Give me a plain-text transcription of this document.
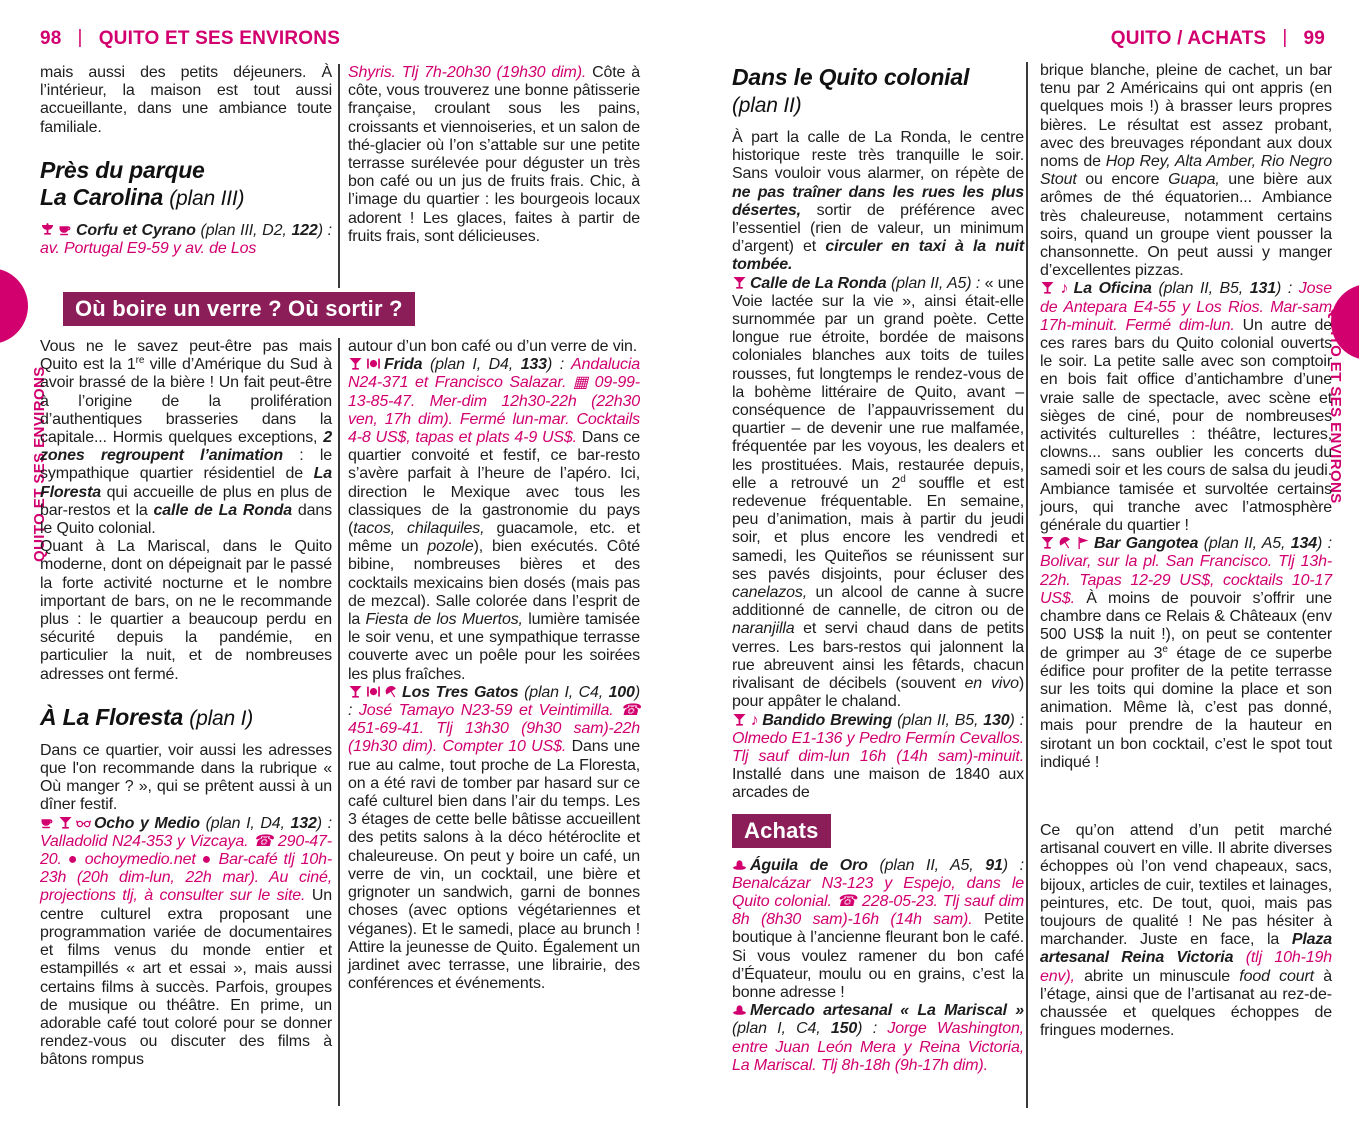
98 | QUITO ET SES ENVIRONS	QUITO / ACHATS | 99
QUITO ET SES ENVIRONS	QUITO ET SES ENVIRONS

mais aussi des petits déjeuners. À l’intérieur, la maison est tout aussi accueillante, dans une ambiance toute familiale.

Près du parque
La Carolina (plan III)

Corfu et Cyrano (plan III, D2, 122) : av. Portugal E9-59 y av. de Los

Shyris. Tlj 7h-20h30 (19h30 dim). Côte à côte, vous trouverez une bonne pâtisserie française, croulant sous les pains, croissants et viennoiseries, et un salon de thé-glacier où l’on s’attable sur une petite terrasse surélevée pour déguster un très bon café ou un jus de fruits frais. Chic, à l’image du quartier : les bourgeois locaux adorent ! Les glaces, faites à partir de fruits frais, sont délicieuses.

Où boire un verre ? Où sortir ?

Vous ne le savez peut-être pas mais Quito est la 1re ville d’Amérique du Sud à avoir brassé de la bière ! Un fait peut-être à l’origine de la prolifération d’authentiques brasseries dans la capitale... Hormis quelques exceptions, 2 zones regroupent l’animation : le sympathique quartier résidentiel de La Floresta qui accueille de plus en plus de bar-restos et la calle de La Ronda dans le Quito colonial.

Quant à La Mariscal, dans le Quito moderne, dont on dépeignait par le passé la forte activité nocturne et le nombre important de bars, on ne le recommande plus : le quartier a beaucoup perdu en sécurité depuis la pandémie, en particulier la nuit, et de nombreuses adresses ont fermé.

À La Floresta (plan I)

Dans ce quartier, voir aussi les adresses que l'on recommande dans la rubrique « Où manger ? », qui se prêtent aussi à un dîner festif.

Ocho y Medio (plan I, D4, 132) : Valladolid N24-353 y Vizcaya. ☎ 290-47-20. ● ochoymedio.net ● Bar-café tlj 10h-23h (20h dim-lun, 22h mar). Au ciné, projections tlj, à consulter sur le site. Un centre culturel extra proposant une programmation variée de documentaires et films venus du monde entier et estampillés « art et essai », mais aussi certains films à succès. Parfois, groupes de musique ou théâtre. En prime, un adorable café tout coloré pour se donner rendez-vous ou discuter des films à bâtons rompus

autour d’un bon café ou d’un verre de vin.

Frida (plan I, D4, 133) : Andalucia N24-371 et Francisco Salazar. ▦ 09-99-13-85-47. Mer-dim 12h30-22h (22h30 ven, 17h dim). Fermé lun-mar. Cocktails 4-8 US$, tapas et plats 4-9 US$. Dans ce quartier convoité et festif, ce bar-resto s’avère parfait à l’heure de l’apéro. Ici, direction le Mexique avec tous les classiques de la gastronomie du pays (tacos, chilaquiles, guacamole, etc. et même un pozole), bien exécutés. Côté bibine, nombreuses bières et des cocktails mexicains bien dosés (mais pas de mezcal). Salle colorée dans l’esprit de la Fiesta de los Muertos, lumière tamisée le soir venu, et une sympathique terrasse couverte avec un poêle pour les soirées les plus fraîches.

Los Tres Gatos (plan I, C4, 100) : José Tamayo N23-59 et Veintimilla. ☎ 451-69-41. Tlj 13h30 (9h30 sam)-22h (19h30 dim). Compter 10 US$. Dans une rue au calme, tout proche de La Floresta, on a été ravi de tomber par hasard sur ce café culturel bien dans l’air du temps. Les 3 étages de cette belle bâtisse accueillent des petits salons à la déco hétéroclite et chaleureuse. On peut y boire un café, un verre de vin, un cocktail, une bière et grignoter un sandwich, garni de bonnes choses (avec options végétariennes et véganes). Et le samedi, place au brunch ! Attire la jeunesse de Quito. Également un jardinet avec terrasse, une librairie, des conférences et événements.

Dans le Quito colonial
(plan II)

À part la calle de La Ronda, le centre historique reste très tranquille le soir. Sans vouloir vous alarmer, on répète de ne pas traîner dans les rues les plus désertes, sortir de préférence avec l’essentiel (rien de valeur, un minimum d’argent) et circuler en taxi à la nuit tombée.

Calle de La Ronda (plan II, A5) : « une Voie lactée sur la vie », ainsi était-elle surnommée par un grand poète. Cette longue rue étroite, bordée de maisons coloniales blanches aux toits de tuiles rousses, fut longtemps le rendez-vous de la bohème littéraire de Quito, avant – conséquence de l’appauvrissement du quartier – de devenir une rue malfamée, fréquentée par les voyous, les dealers et les prostituées. Mais, restaurée depuis, elle a retrouvé un 2$^d$ souffle et est redevenue fréquentable. En semaine, peu d’animation, mais à partir du jeudi soir, et plus encore les vendredi et samedi, les Quiteños se réunissent sur ses pavés disjoints, pour écluser des canelazos, un alcool de canne à sucre additionné de cannelle, de citron ou de naranjilla et servi chaud dans de petits verres. Les bars-restos qui jalonnent la rue abreuvent ainsi les fêtards, chacun rivalisant de décibels (souvent en vivo) pour appâter le chaland.

♪ Bandido Brewing (plan II, B5, 130) : Olmedo E1-136 y Pedro Fermín Cevallos. Tlj sauf dim-lun 16h (14h sam)-minuit. Installé dans une maison de 1840 aux arcades de

Achats

Águila de Oro (plan II, A5, 91) : Benalcázar N3-123 y Espejo, dans le Quito colonial. ☎ 228-05-23. Tlj sauf dim 8h (8h30 sam)-16h (14h sam). Petite boutique à l’ancienne fleurant bon le café. Si vous voulez ramener du bon café d’Équateur, moulu ou en grains, c’est la bonne adresse !

Mercado artesanal « La Mariscal » (plan I, C4, 150) : Jorge Washington, entre Juan León Mera y Reina Victoria, La Mariscal. Tlj 8h-18h (9h-17h dim).

brique blanche, pleine de cachet, un bar tenu par 2 Américains qui ont appris (en quelques mois !) à brasser leurs propres bières. Le résultat est assez probant, avec des breuvages répondant aux doux noms de Hop Rey, Alta Amber, Rio Negro Stout ou encore Guapa, une bière aux arômes de thé équatorien... Ambiance très chaleureuse, notamment certains soirs, quand un groupe vient pousser la chansonnette. On peut aussi y manger d’excellentes pizzas.

♪ La Oficina (plan II, B5, 131) : Jose de Antepara E4-55 y Los Rios. Mar-sam 17h-minuit. Fermé dim-lun. Un autre de ces rares bars du Quito colonial ouverts le soir. La petite salle avec son comptoir en bois fait office d’antichambre d’une vraie salle de spectacle, avec scène et sièges de ciné, pour de nombreuses activités culturelles : théâtre, lectures, clowns... sans oublier les concerts du samedi soir et les cours de salsa du jeudi. Ambiance tamisée et survoltée certains jours, qui tranche avec l’atmosphère générale du quartier !

Bar Gangotea (plan II, A5, 134) : Bolivar, sur la pl. San Francisco. Tlj 13h-22h. Tapas 12-29 US$, cocktails 10-17 US$. À moins de pouvoir s’offrir une chambre dans ce Relais & Châteaux (env 500 US$ la nuit !), on peut se contenter de grimper au 3e étage de ce superbe édifice pour profiter de la petite terrasse sur les toits qui domine la place et son animation. Même là, c’est pas donné, mais pour prendre de la hauteur en sirotant un bon cocktail, c’est le spot tout indiqué !

Ce qu’on attend d’un petit marché artisanal couvert en ville. Il abrite diverses échoppes où l’on vend chapeaux, sacs, bijoux, articles de cuir, textiles et lainages, peintures, etc. De tout, quoi, mais pas toujours de qualité ! Ne pas hésiter à marchander. Juste en face, la Plaza artesanal Reina Victoria (tlj 10h-19h env), abrite un minuscule food court à l’étage, ainsi que de l’artisanat au rez-de-chaussée et quelques échoppes de fringues modernes.
